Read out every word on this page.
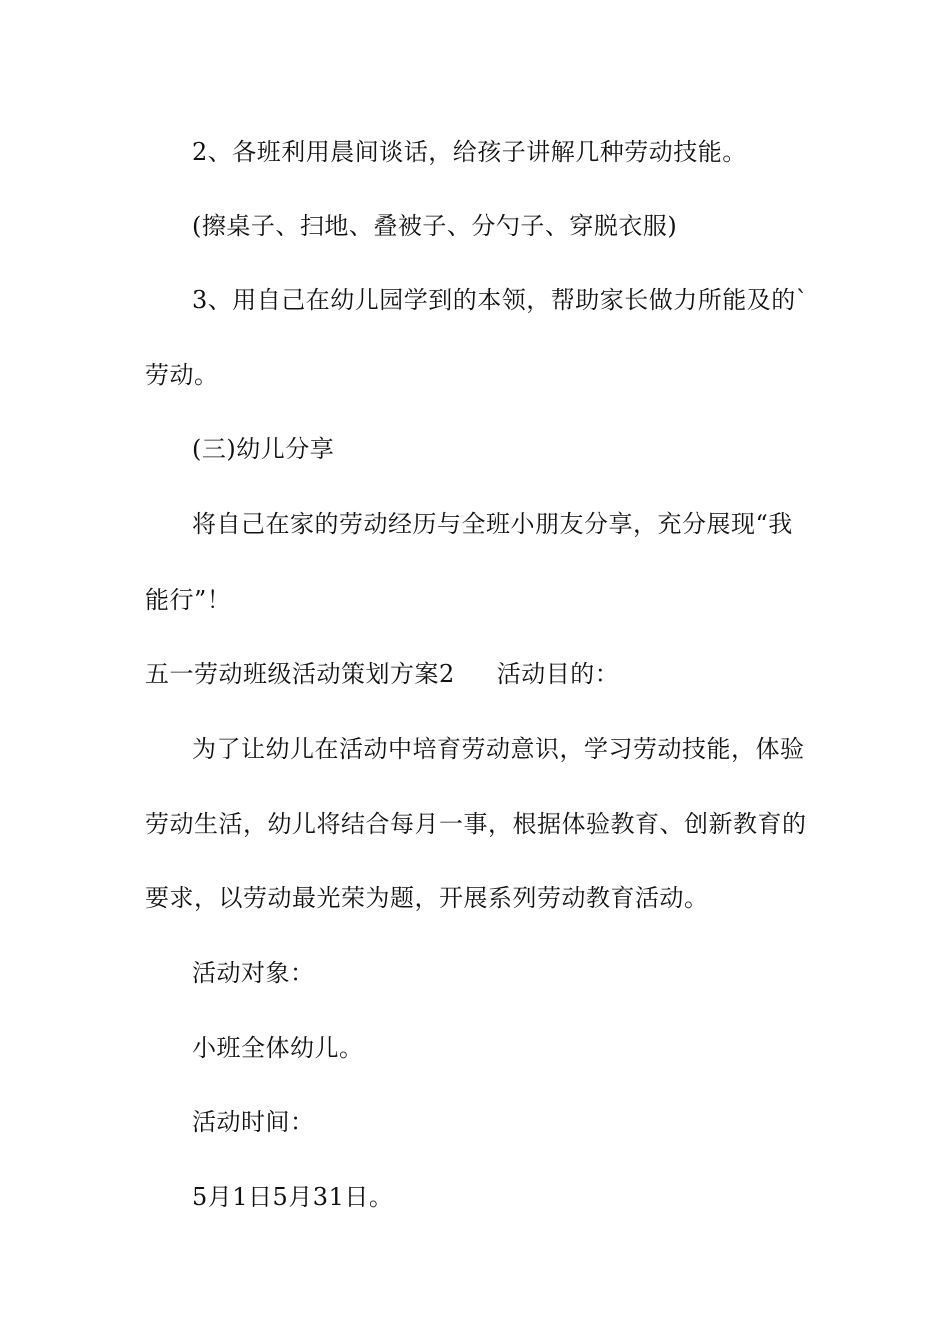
2、各班利用晨间谈话，给孩子讲解几种劳动技能。
(擦桌子、扫地、叠被子、分勺子、穿脱衣服)
3、用自己在幼儿园学到的本领，帮助家长做力所能及的`
劳动。
(三)幼儿分享
将自己在家的劳动经历与全班小朋友分享，充分展现“我
能行”！
五一劳动班级活动策划方案2 活动目的：
为了让幼儿在活动中培育劳动意识，学习劳动技能，体验
劳动生活，幼儿将结合每月一事，根据体验教育、创新教育的
要求，以劳动最光荣为题，开展系列劳动教育活动。
活动对象：
小班全体幼儿。
活动时间：
5月1日5月31日。
